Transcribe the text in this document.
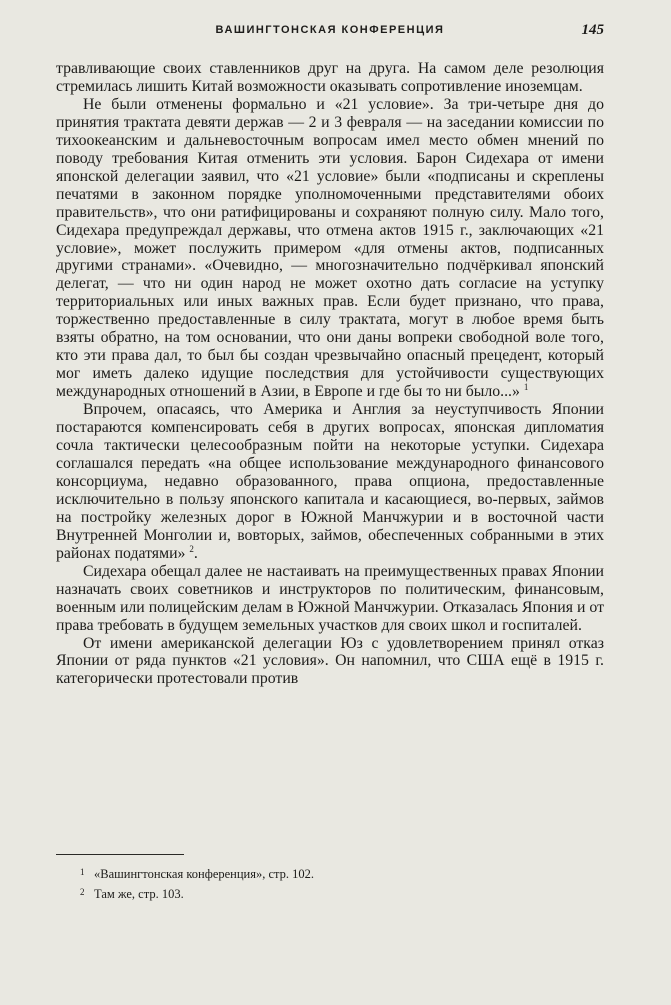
ВАШИНГТОНСКАЯ КОНФЕРЕНЦИЯ	145

травливающие своих ставленников друг на друга. На самом деле резолюция стремилась лишить Китай возможности оказывать сопротивление иноземцам.

Не были отменены формально и «21 условие». За три-четыре дня до принятия трактата девяти держав — 2 и 3 февраля — на заседании комиссии по тихоокеанским и дальневосточным вопросам имел место обмен мнений по поводу требования Китая отменить эти условия. Барон Сидехара от имени японской делегации заявил, что «21 условие» были «подписаны и скреплены печатями в законном порядке уполномоченными представителями обоих правительств», что они ратифицированы и сохраняют полную силу. Мало того, Сидехара предупреждал державы, что отмена актов 1915 г., заключающих «21 условие», может послужить примером «для отмены актов, подписанных другими странами». «Очевидно, — многозначительно подчёркивал японский делегат, — что ни один народ не может охотно дать согласие на уступку территориальных или иных важных прав. Если будет признано, что права, торжественно предоставленные в силу трактата, могут в любое время быть взяты обратно, на том основании, что они даны вопреки свободной воле того, кто эти права дал, то был бы создан чрезвычайно опасный прецедент, который мог иметь далеко идущие последствия для устойчивости существующих международных отношений в Азии, в Европе и где бы то ни было...» $^1$

Впрочем, опасаясь, что Америка и Англия за неуступчивость Японии постараются компенсировать себя в других вопросах, японская дипломатия сочла тактически целесообразным пойти на некоторые уступки. Сидехара соглашался передать «на общее использование международного финансового консорциума, недавно образованного, права опциона, предоставленные исключительно в пользу японского капитала и касающиеся, во-первых, займов на постройку железных дорог в Южной Манчжурии и в восточной части Внутренней Монголии и, вовторых, займов, обеспеченных собранными в этих районах податями» $^2$.

Сидехара обещал далее не настаивать на преимущественных правах Японии назначать своих советников и инструкторов по политическим, финансовым, военным или полицейским делам в Южной Манчжурии. Отказалась Япония и от права требовать в будущем земельных участков для своих школ и госпиталей.

От имени американской делегации Юз с удовлетворением принял отказ Японии от ряда пунктов «21 условия». Он напомнил, что США ещё в 1915 г. категорически протестовали против

1 «Вашингтонская конференция», стр. 102.
2 Там же, стр. 103.
